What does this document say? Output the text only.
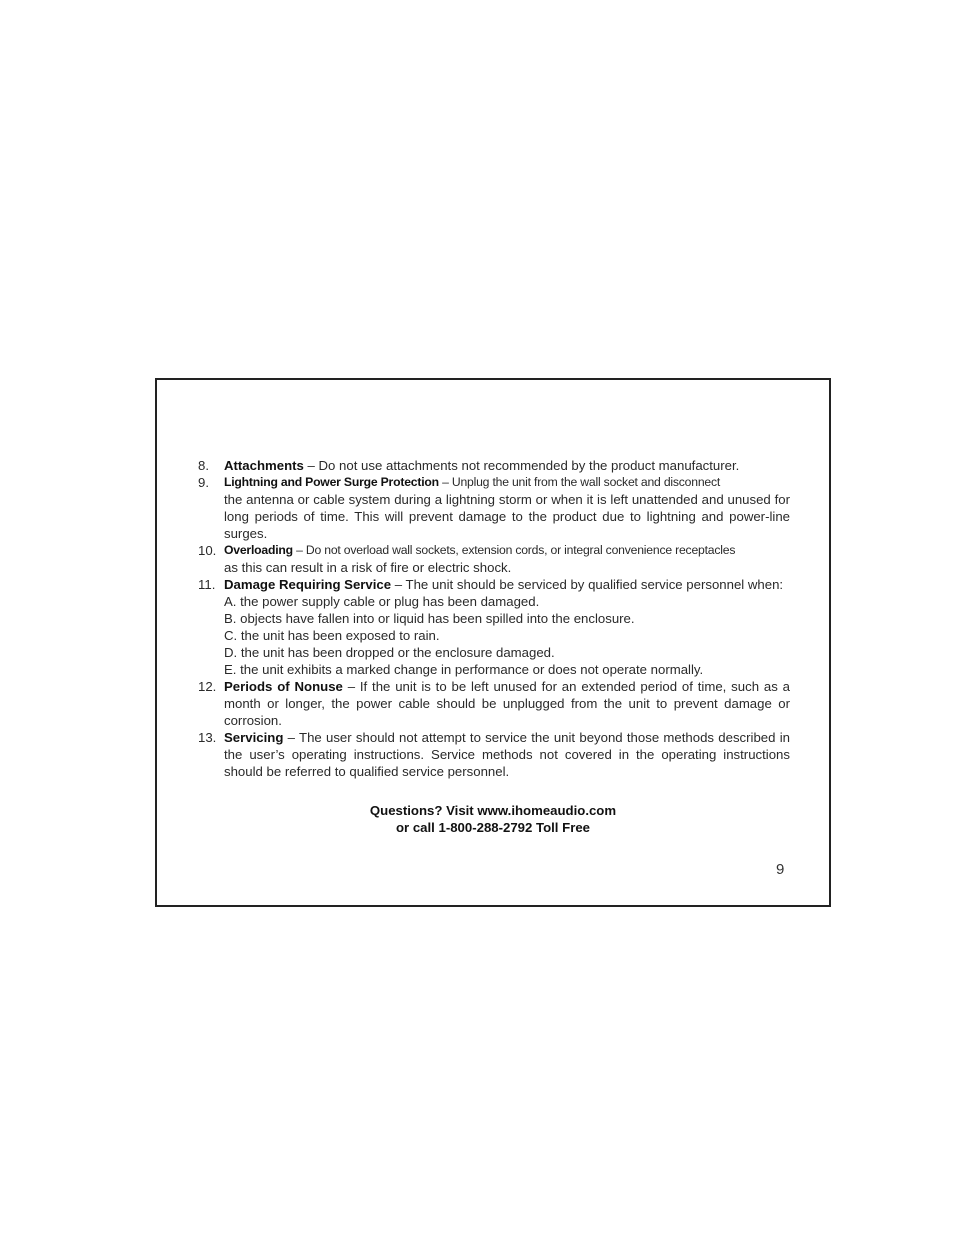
8.	Attachments – Do not use attachments not recommended by the product manufacturer.
9.	Lightning and Power Surge Protection – Unplug the unit from the wall socket and disconnect
the antenna or cable system during a lightning storm or when it is left unattended and unused for long periods of time. This will prevent damage to the product due to lightning and power-line surges.
10. Overloading – Do not overload wall sockets, extension cords, or integral convenience receptacles
as this can result in a risk of fire or electric shock.
11. Damage Requiring Service – The unit should be serviced by qualified service personnel when:
A. the power supply cable or plug has been damaged.
B. objects have fallen into or liquid has been spilled into the enclosure.
C. the unit has been exposed to rain.
D. the unit has been dropped or the enclosure damaged.
E. the unit exhibits a marked change in performance or does not operate normally.
12. Periods of Nonuse – If the unit is to be left unused for an extended period of time, such as a month or longer, the power cable should be unplugged from the unit to prevent damage or corrosion.
13. Servicing – The user should not attempt to service the unit beyond those methods described in the user’s operating instructions. Service methods not covered in the operating instructions should be referred to qualified service personnel.
Questions? Visit www.ihomeaudio.com
or call 1-800-288-2792 Toll Free
9
